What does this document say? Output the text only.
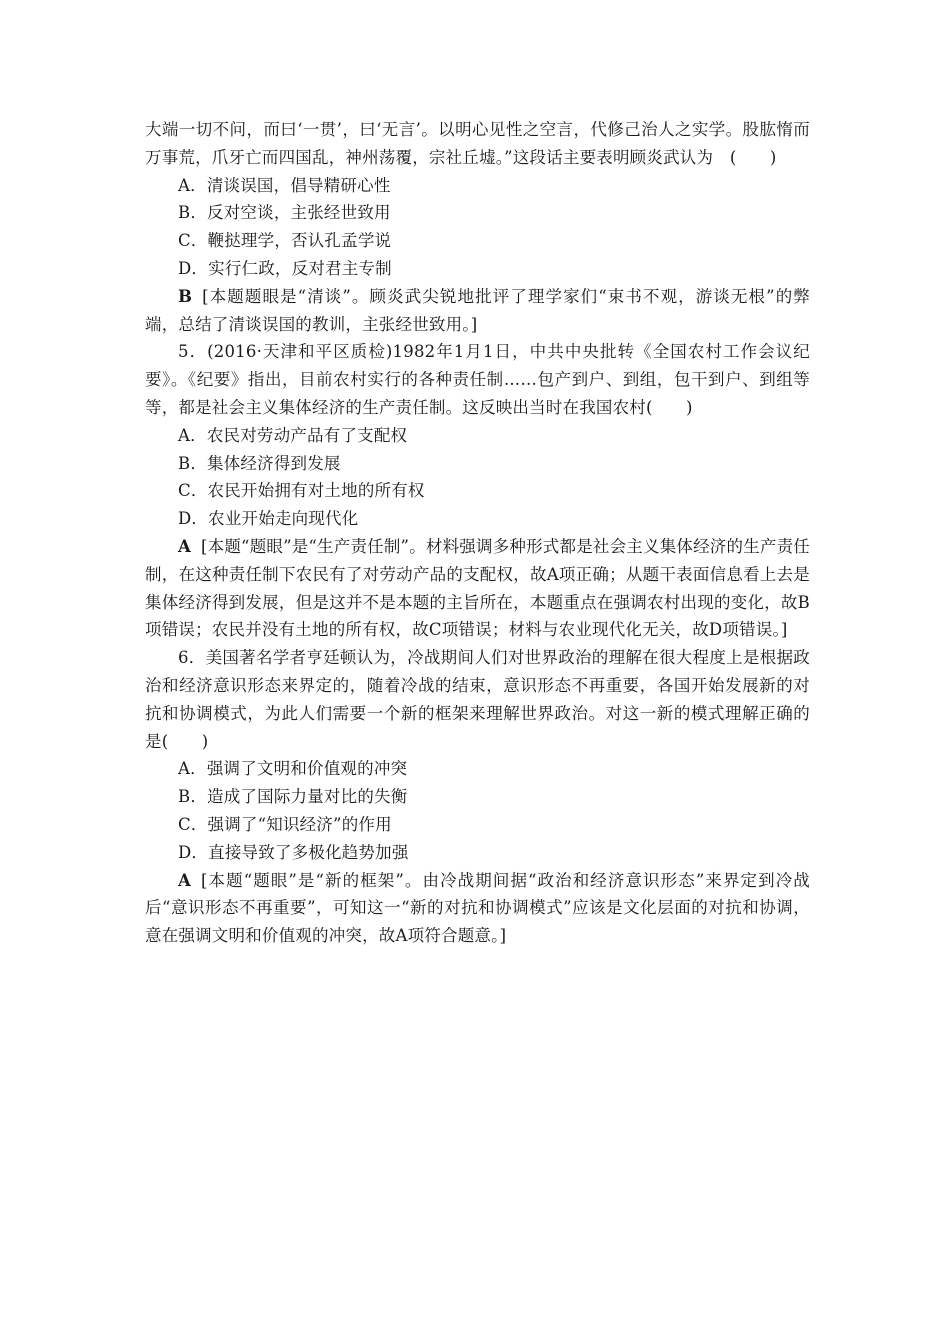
大端一切不问，而曰‘一贯’，曰‘无言’。以明心见性之空言，代修己治人之实学。股肱惰而万事荒，爪牙亡而四国乱，神州荡覆，宗社丘墟。”这段话主要表明顾炎武认为　(　　)

A．清谈误国，倡导精研心性

B．反对空谈，主张经世致用

C．鞭挞理学，否认孔孟学说

D．实行仁政，反对君主专制

B [本题题眼是“清谈”。顾炎武尖锐地批评了理学家们“束书不观，游谈无根”的弊端，总结了清谈误国的教训，主张经世致用。]

5．(2016·天津和平区质检)1982年1月1日，中共中央批转《全国农村工作会议纪要》。《纪要》指出，目前农村实行的各种责任制……包产到户、到组，包干到户、到组等等，都是社会主义集体经济的生产责任制。这反映出当时在我国农村(　　)

A．农民对劳动产品有了支配权

B．集体经济得到发展

C．农民开始拥有对土地的所有权

D．农业开始走向现代化

A [本题“题眼”是“生产责任制”。材料强调多种形式都是社会主义集体经济的生产责任制，在这种责任制下农民有了对劳动产品的支配权，故A项正确；从题干表面信息看上去是集体经济得到发展，但是这并不是本题的主旨所在，本题重点在强调农村出现的变化，故B项错误；农民并没有土地的所有权，故C项错误；材料与农业现代化无关，故D项错误。]

6．美国著名学者亨廷顿认为，冷战期间人们对世界政治的理解在很大程度上是根据政治和经济意识形态来界定的，随着冷战的结束，意识形态不再重要，各国开始发展新的对抗和协调模式，为此人们需要一个新的框架来理解世界政治。对这一新的模式理解正确的是(　　)

A．强调了文明和价值观的冲突

B．造成了国际力量对比的失衡

C．强调了“知识经济”的作用

D．直接导致了多极化趋势加强

A [本题“题眼”是“新的框架”。由冷战期间据“政治和经济意识形态”来界定到冷战后“意识形态不再重要”，可知这一“新的对抗和协调模式”应该是文化层面的对抗和协调，意在强调文明和价值观的冲突，故A项符合题意。]
